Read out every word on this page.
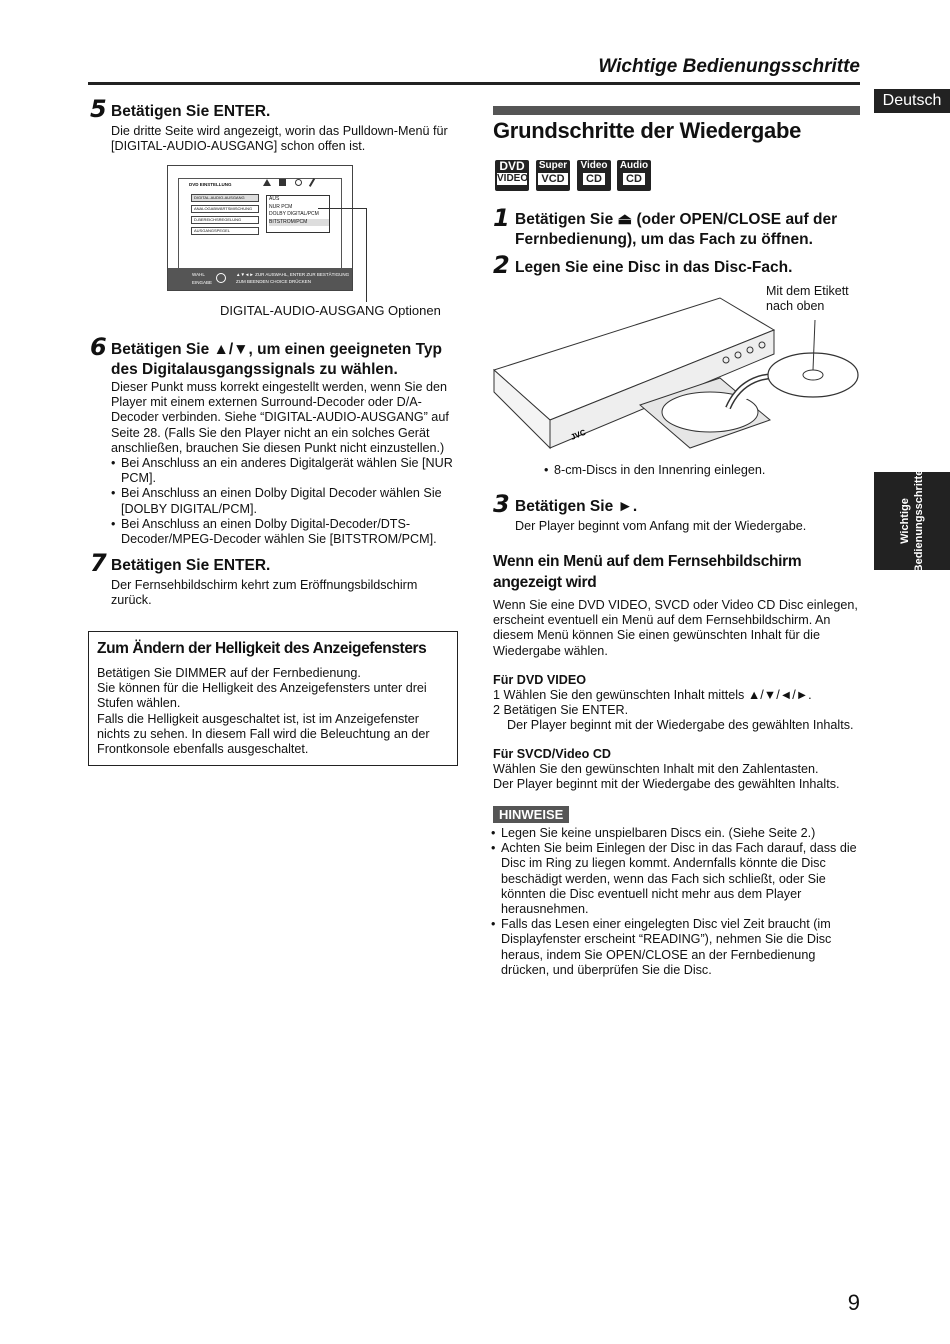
Wichtige Bedienungsschritte
Deutsch
Wichtige Bedienungsschritte
5 Betätigen Sie ENTER.
Die dritte Seite wird angezeigt, worin das Pulldown-Menü für [DIGITAL-AUDIO-AUSGANG] schon offen ist.
DVD EINSTELLUNG
DIGITAL-AUDIO-AUSGANG
ANALOGABWÄRTSMISCHUNG
D-BEREICHSREGELUNG
AUSGANGSPEGEL
AUS
NUR PCM
DOLBY DIGITAL/PCM
BITSTROM/PCM
WAHL
EINGABE
▲▼◄► ZUR AUSWAHL, ENTER ZUR BESTÄTIGUNG
ZUM BEENDEN CHOICE DRÜCKEN
DIGITAL-AUDIO-AUSGANG Optionen
6 Betätigen Sie ▲/▼, um einen geeigneten Typ des Digitalausgangssignals zu wählen.
Dieser Punkt muss korrekt eingestellt werden, wenn Sie den Player mit einem externen Surround-Decoder oder D/A-Decoder verbinden. Siehe “DIGITAL-AUDIO-AUSGANG” auf Seite 28. (Falls Sie den Player nicht an ein solches Gerät anschließen, brauchen Sie diesen Punkt nicht einzustellen.)
• Bei Anschluss an ein anderes Digitalgerät wählen Sie [NUR PCM].
• Bei Anschluss an einen Dolby Digital Decoder wählen Sie [DOLBY DIGITAL/PCM].
• Bei Anschluss an einen Dolby Digital-Decoder/DTS-Decoder/MPEG-Decoder wählen Sie [BITSTROM/PCM].
7 Betätigen Sie ENTER.
Der Fernsehbildschirm kehrt zum Eröffnungsbildschirm zurück.
Zum Ändern der Helligkeit des Anzeigefensters
Betätigen Sie DIMMER auf der Fernbedienung.
Sie können für die Helligkeit des Anzeigefensters unter drei Stufen wählen.
Falls die Helligkeit ausgeschaltet ist, ist im Anzeigefenster nichts zu sehen. In diesem Fall wird die Beleuchtung an der Frontkonsole ebenfalls ausgeschaltet.
Grundschritte der Wiedergabe
DVD
VIDEO
Super
VCD
Video
CD
Audio
CD
1 Betätigen Sie ⏏ (oder OPEN/CLOSE auf der Fernbedienung), um das Fach zu öffnen.
2 Legen Sie eine Disc in das Disc-Fach.
JVC
Mit dem Etikett
nach oben
• 8-cm-Discs in den Innenring einlegen.
3 Betätigen Sie ►.
Der Player beginnt vom Anfang mit der Wiedergabe.
Wenn ein Menü auf dem Fernsehbildschirm angezeigt wird
Wenn Sie eine DVD VIDEO, SVCD oder Video CD Disc einlegen, erscheint eventuell ein Menü auf dem Fernsehbildschirm. An diesem Menü können Sie einen gewünschten Inhalt für die Wiedergabe wählen.
Für DVD VIDEO
1 Wählen Sie den gewünschten Inhalt mittels ▲/▼/◄/►.
2 Betätigen Sie ENTER.
Der Player beginnt mit der Wiedergabe des gewählten Inhalts.
Für SVCD/Video CD
Wählen Sie den gewünschten Inhalt mit den Zahlentasten.
Der Player beginnt mit der Wiedergabe des gewählten Inhalts.
HINWEISE
• Legen Sie keine unspielbaren Discs ein. (Siehe Seite 2.)
• Achten Sie beim Einlegen der Disc in das Fach darauf, dass die Disc im Ring zu liegen kommt. Andernfalls könnte die Disc beschädigt werden, wenn das Fach sich schließt, oder Sie könnten die Disc eventuell nicht mehr aus dem Player herausnehmen.
• Falls das Lesen einer eingelegten Disc viel Zeit braucht (im Displayfenster erscheint “READING”), nehmen Sie die Disc heraus, indem Sie OPEN/CLOSE an der Fernbedienung drücken, und überprüfen Sie die Disc.
9
